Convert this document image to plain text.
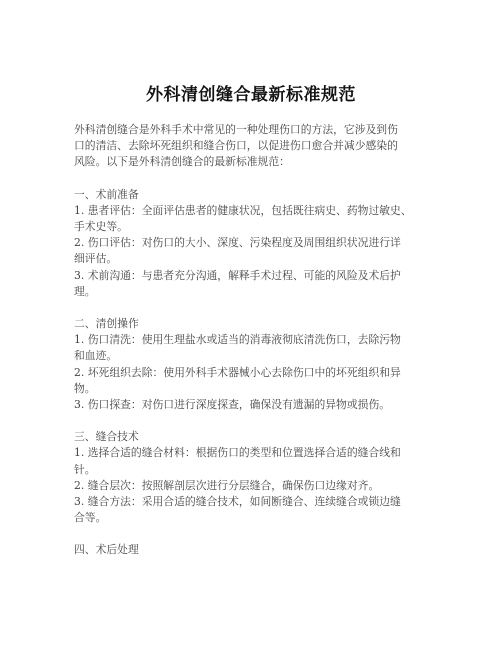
外科清创缝合最新标准规范
外科清创缝合是外科手术中常见的一种处理伤口的方法，它涉及到伤
口的清洁、去除坏死组织和缝合伤口，以促进伤口愈合并减少感染的
风险。以下是外科清创缝合的最新标准规范：
一、术前准备
1. 患者评估：全面评估患者的健康状况，包括既往病史、药物过敏史、
手术史等。
2. 伤口评估：对伤口的大小、深度、污染程度及周围组织状况进行详
细评估。
3. 术前沟通：与患者充分沟通，解释手术过程、可能的风险及术后护
理。
二、清创操作
1. 伤口清洗：使用生理盐水或适当的消毒液彻底清洗伤口，去除污物
和血迹。
2. 坏死组织去除：使用外科手术器械小心去除伤口中的坏死组织和异
物。
3. 伤口探查：对伤口进行深度探查，确保没有遗漏的异物或损伤。
三、缝合技术
1. 选择合适的缝合材料：根据伤口的类型和位置选择合适的缝合线和
针。
2. 缝合层次：按照解剖层次进行分层缝合，确保伤口边缘对齐。
3. 缝合方法：采用合适的缝合技术，如间断缝合、连续缝合或锁边缝
合等。
四、术后处理
